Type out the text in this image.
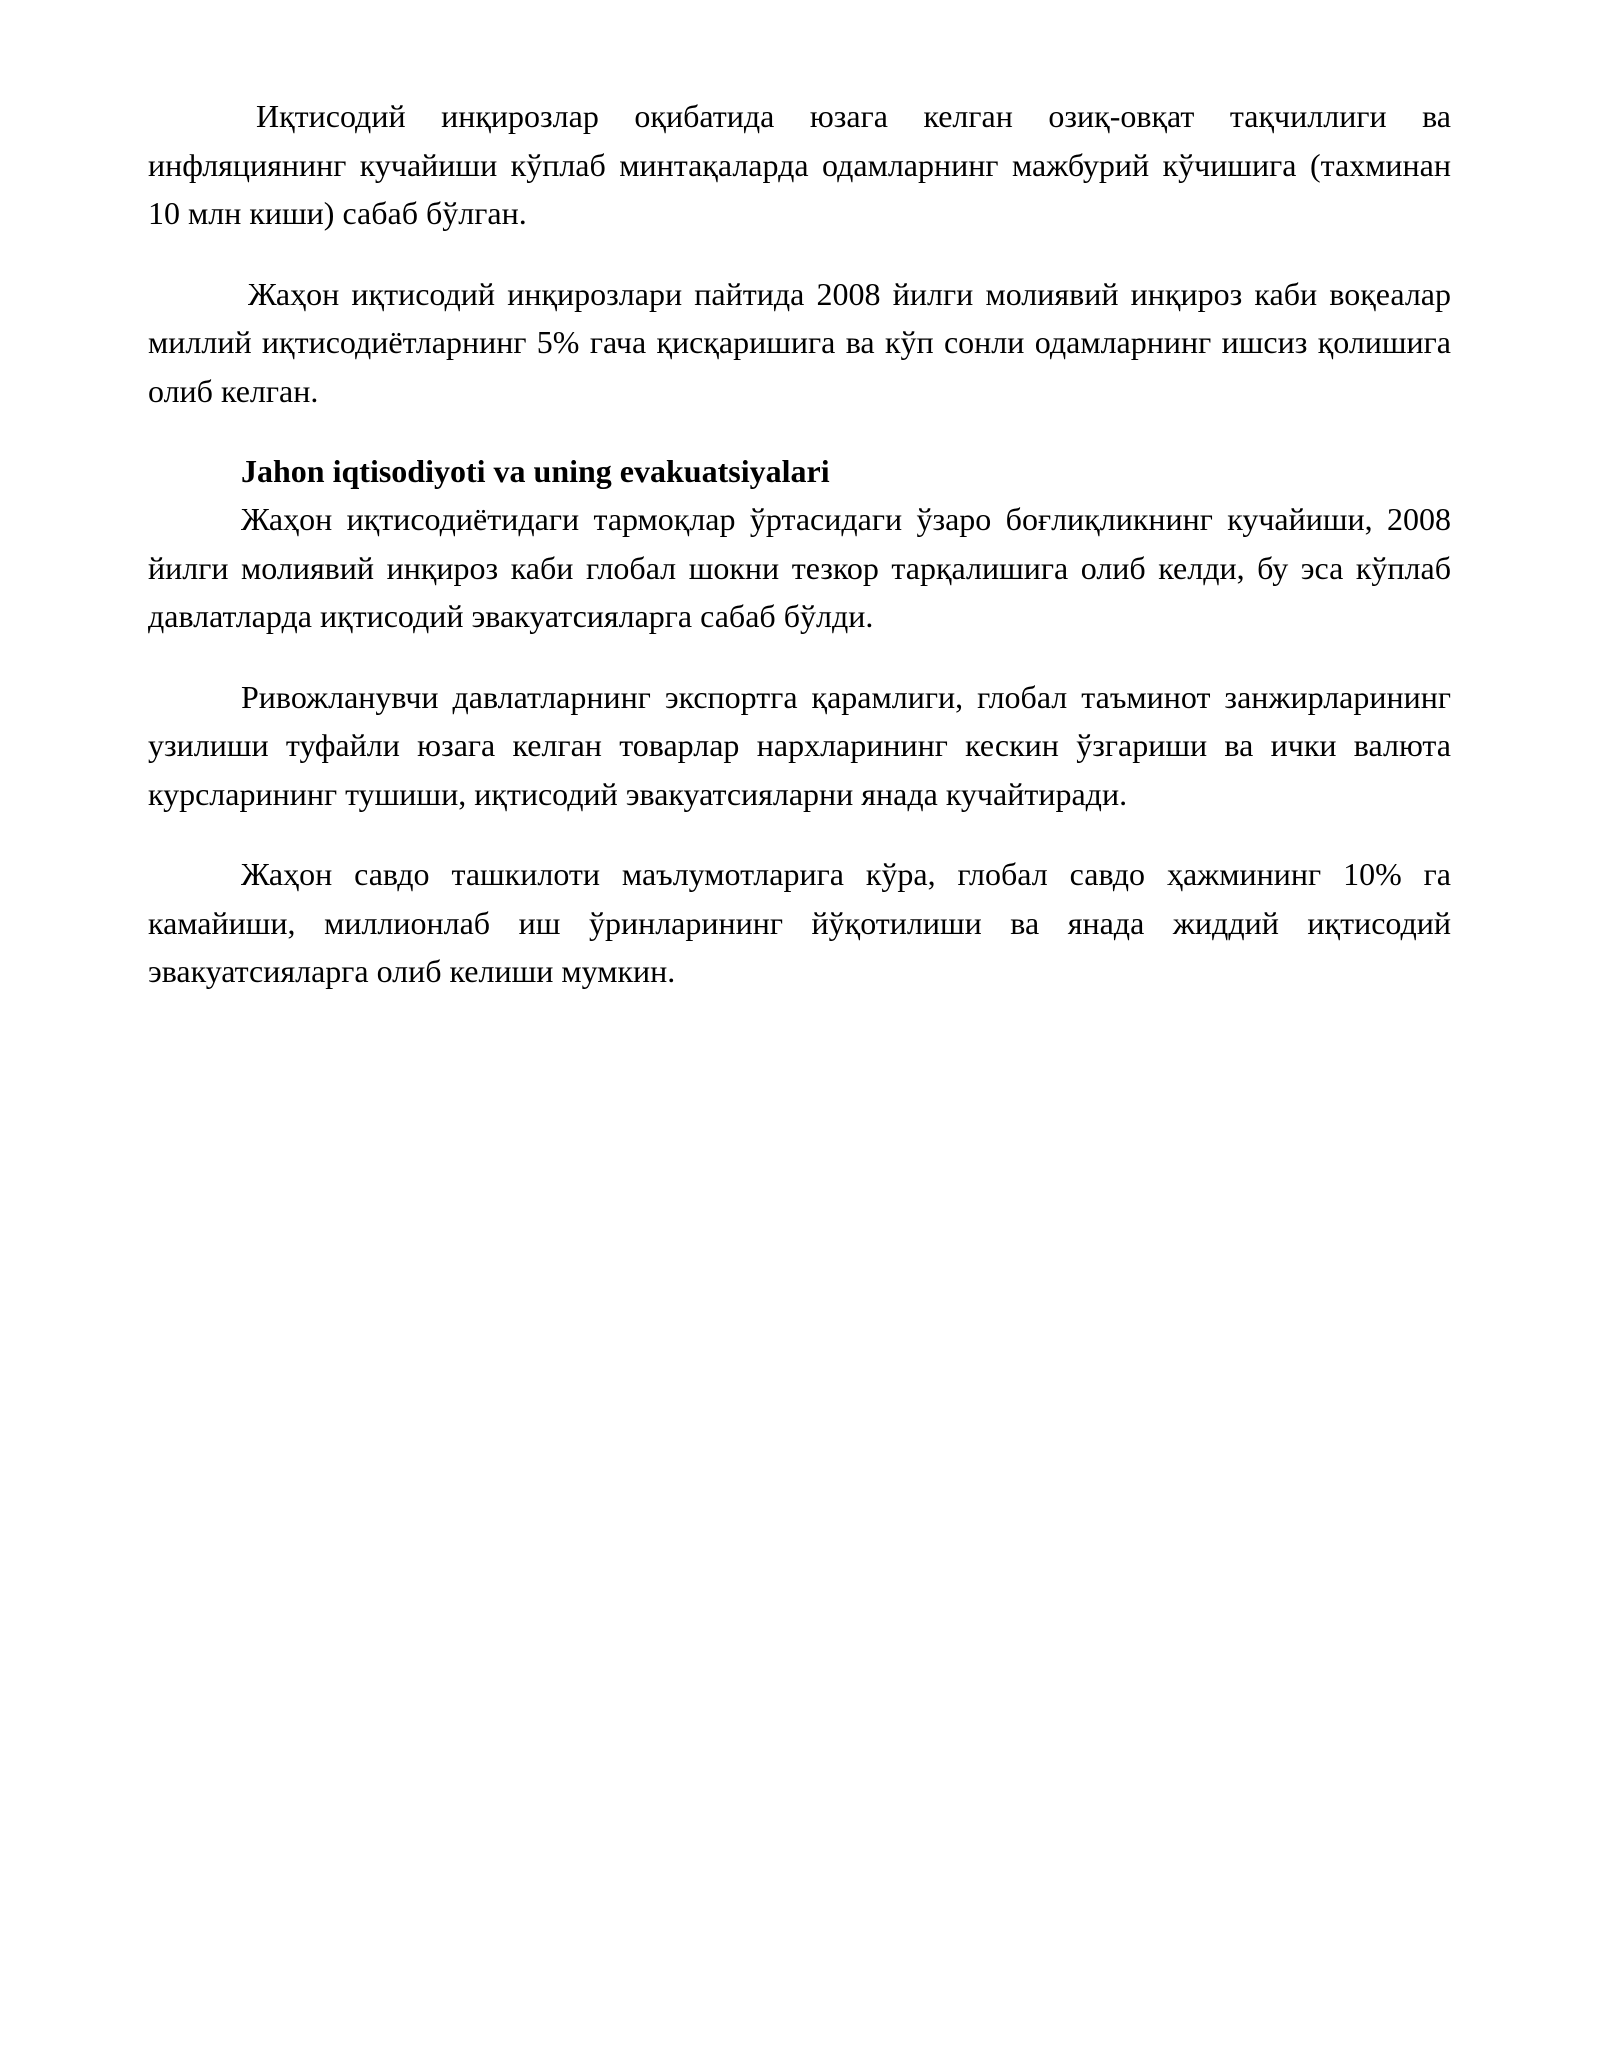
Иқтисодий инқирозлар оқибатида юзага келган озиқ-овқат тақчиллиги ва инфляциянинг кучайиши кўплаб минтақаларда одамларнинг мажбурий кўчишига (тахминан 10 млн киши) сабаб бўлган.

Жаҳон иқтисодий инқирозлари пайтида 2008 йилги молиявий инқироз каби воқеалар миллий иқтисодиётларнинг 5% гача қисқаришига ва кўп сонли одамларнинг ишсиз қолишига олиб келган.

Jahon iqtisodiyoti va uning evakuatsiyalari

Жаҳон иқтисодиётидаги тармоқлар ўртасидаги ўзаро боғлиқликнинг кучайиши, 2008 йилги молиявий инқироз каби глобал шокни тезкор тарқалишига олиб келди, бу эса кўплаб давлатларда иқтисодий эвакуатсияларга сабаб бўлди.

Ривожланувчи давлатларнинг экспортга қарамлиги, глобал таъминот занжирларининг узилиши туфайли юзага келган товарлар нархларининг кескин ўзгариши ва ички валюта курсларининг тушиши, иқтисодий эвакуатсияларни янада кучайтиради.

Жаҳон савдо ташкилоти маълумотларига кўра, глобал савдо ҳажмининг 10% га камайиши, миллионлаб иш ўринларининг йўқотилиши ва янада жиддий иқтисодий эвакуатсияларга олиб келиши мумкин.
